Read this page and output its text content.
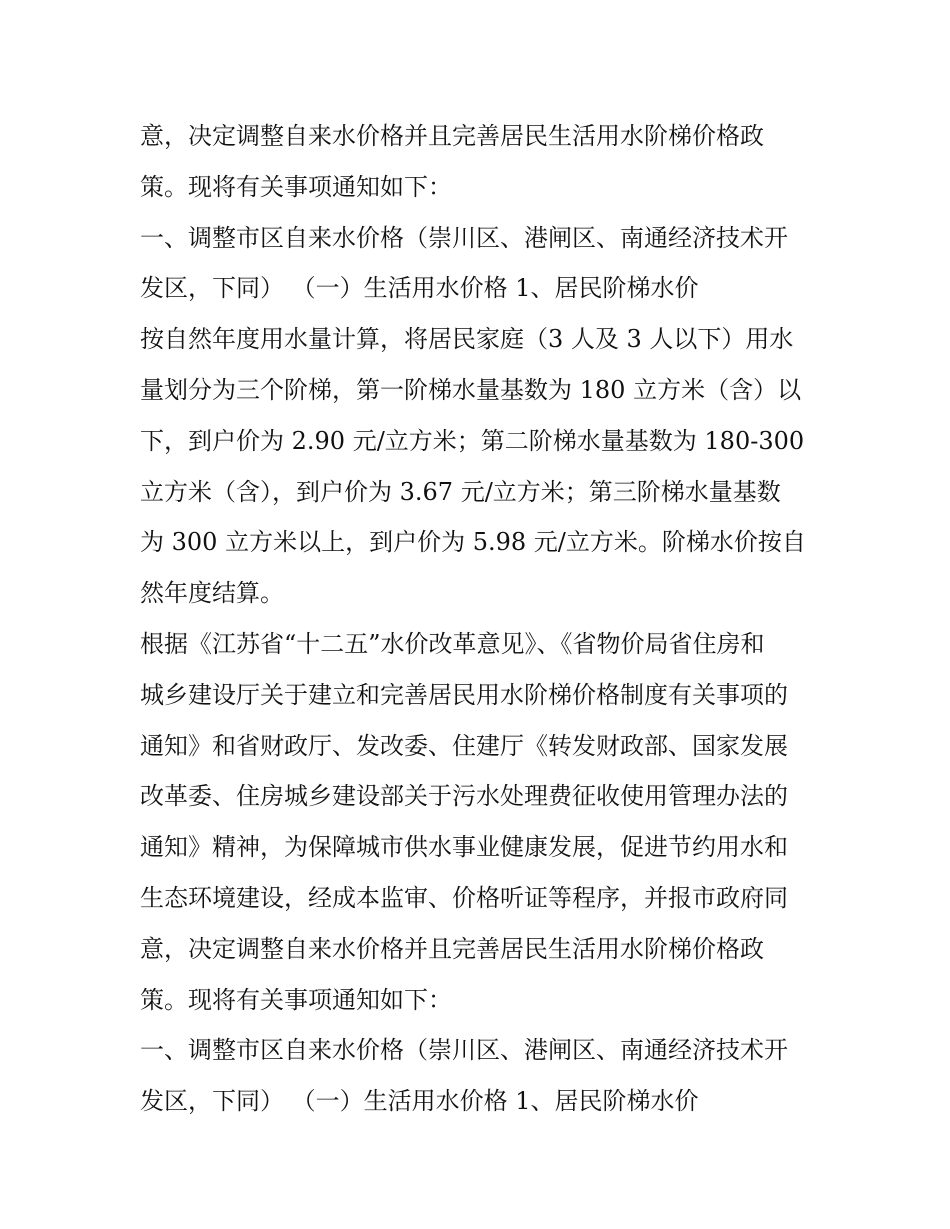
意，决定调整自来水价格并且完善居民生活用水阶梯价格政
策。现将有关事项通知如下：
一、调整市区自来水价格（崇川区、港闸区、南通经济技术开
发区，下同） （一）生活用水价格 1、居民阶梯水价
按自然年度用水量计算，将居民家庭（3 人及 3 人以下）用水
量划分为三个阶梯，第一阶梯水量基数为 180 立方米（含）以
下，到户价为 2.90 元/立方米；第二阶梯水量基数为 180-300
立方米（含），到户价为 3.67 元/立方米；第三阶梯水量基数
为 300 立方米以上，到户价为 5.98 元/立方米。阶梯水价按自
然年度结算。
根据《江苏省“十二五”水价改革意见》、《省物价局省住房和
城乡建设厅关于建立和完善居民用水阶梯价格制度有关事项的
通知》和省财政厅、发改委、住建厅《转发财政部、国家发展
改革委、住房城乡建设部关于污水处理费征收使用管理办法的
通知》精神，为保障城市供水事业健康发展，促进节约用水和
生态环境建设，经成本监审、价格听证等程序，并报市政府同
意，决定调整自来水价格并且完善居民生活用水阶梯价格政
策。现将有关事项通知如下：
一、调整市区自来水价格（崇川区、港闸区、南通经济技术开
发区，下同） （一）生活用水价格 1、居民阶梯水价
